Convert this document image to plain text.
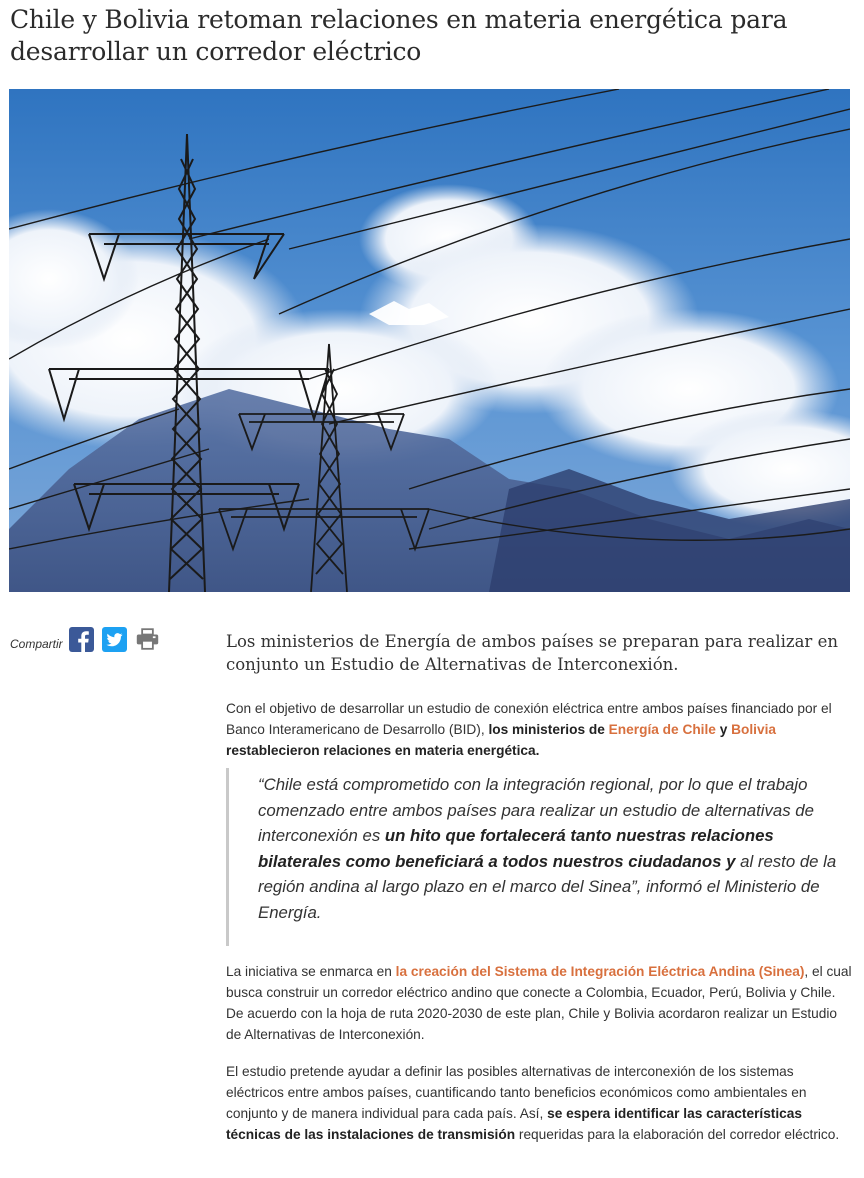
Chile y Bolivia retoman relaciones en materia energética para desarrollar un corredor eléctrico
Compartir	Los ministerios de Energía de ambos países se preparan para realizar en conjunto un Estudio de Alternativas de Interconexión.

Con el objetivo de desarrollar un estudio de conexión eléctrica entre ambos países financiado por el Banco Interamericano de Desarrollo (BID), los ministerios de Energía de Chile y Bolivia restablecieron relaciones en materia energética.

“Chile está comprometido con la integración regional, por lo que el trabajo comenzado entre ambos países para realizar un estudio de alternativas de interconexión es un hito que fortalecerá tanto nuestras relaciones bilaterales como beneficiará a todos nuestros ciudadanos y al resto de la región andina al largo plazo en el marco del Sinea”, informó el Ministerio de Energía.

La iniciativa se enmarca en la creación del Sistema de Integración Eléctrica Andina (Sinea), el cual busca construir un corredor eléctrico andino que conecte a Colombia, Ecuador, Perú, Bolivia y Chile. De acuerdo con la hoja de ruta 2020-2030 de este plan, Chile y Bolivia acordaron realizar un Estudio de Alternativas de Interconexión.

El estudio pretende ayudar a definir las posibles alternativas de interconexión de los sistemas eléctricos entre ambos países, cuantificando tanto beneficios económicos como ambientales en conjunto y de manera individual para cada país. Así, se espera identificar las características técnicas de las instalaciones de transmisión requeridas para la elaboración del corredor eléctrico.
